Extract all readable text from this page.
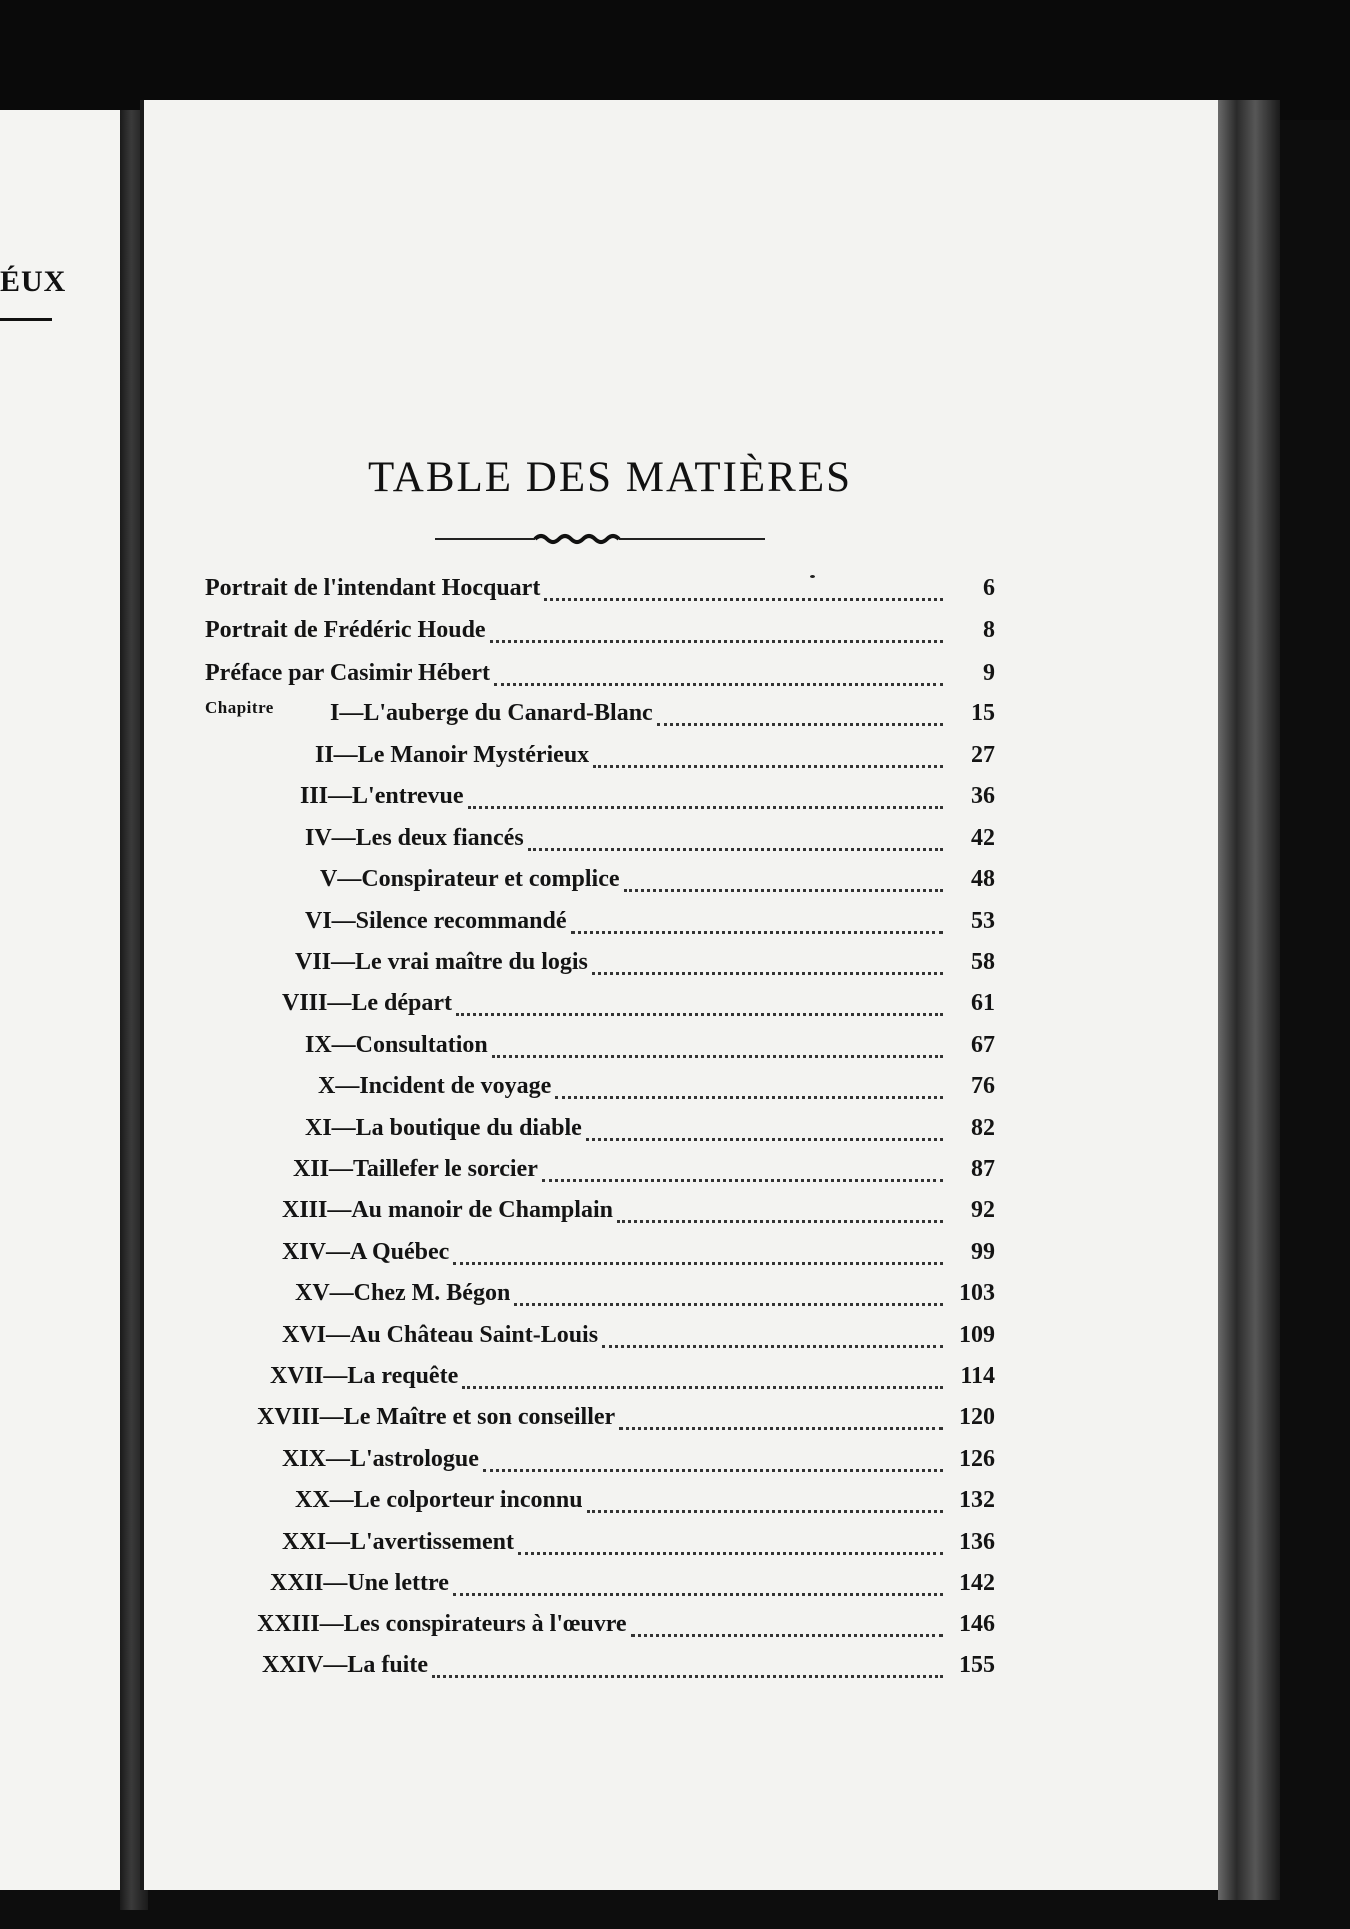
ÉUX
TABLE DES MATIÈRES
Portrait de l'intendant Hocquart	6
Portrait de Frédéric Houde	8
Préface par Casimir Hébert	9
I—L'auberge du Canard-Blanc	15
II—Le Manoir Mystérieux	27
III—L'entrevue	36
IV—Les deux fiancés	42
V—Conspirateur et complice	48
VI—Silence recommandé	53
VII—Le vrai maître du logis	58
VIII—Le départ	61
IX—Consultation	67
X—Incident de voyage	76
XI—La boutique du diable	82
XII—Taillefer le sorcier	87
XIII—Au manoir de Champlain	92
XIV—A Québec	99
XV—Chez M. Bégon	103
XVI—Au Château Saint-Louis	109
XVII—La requête	114
XVIII—Le Maître et son conseiller	120
XIX—L'astrologue	126
XX—Le colporteur inconnu	132
XXI—L'avertissement	136
XXII—Une lettre	142
XXIII—Les conspirateurs à l'œuvre	146
XXIV—La fuite	155
Chapitre
